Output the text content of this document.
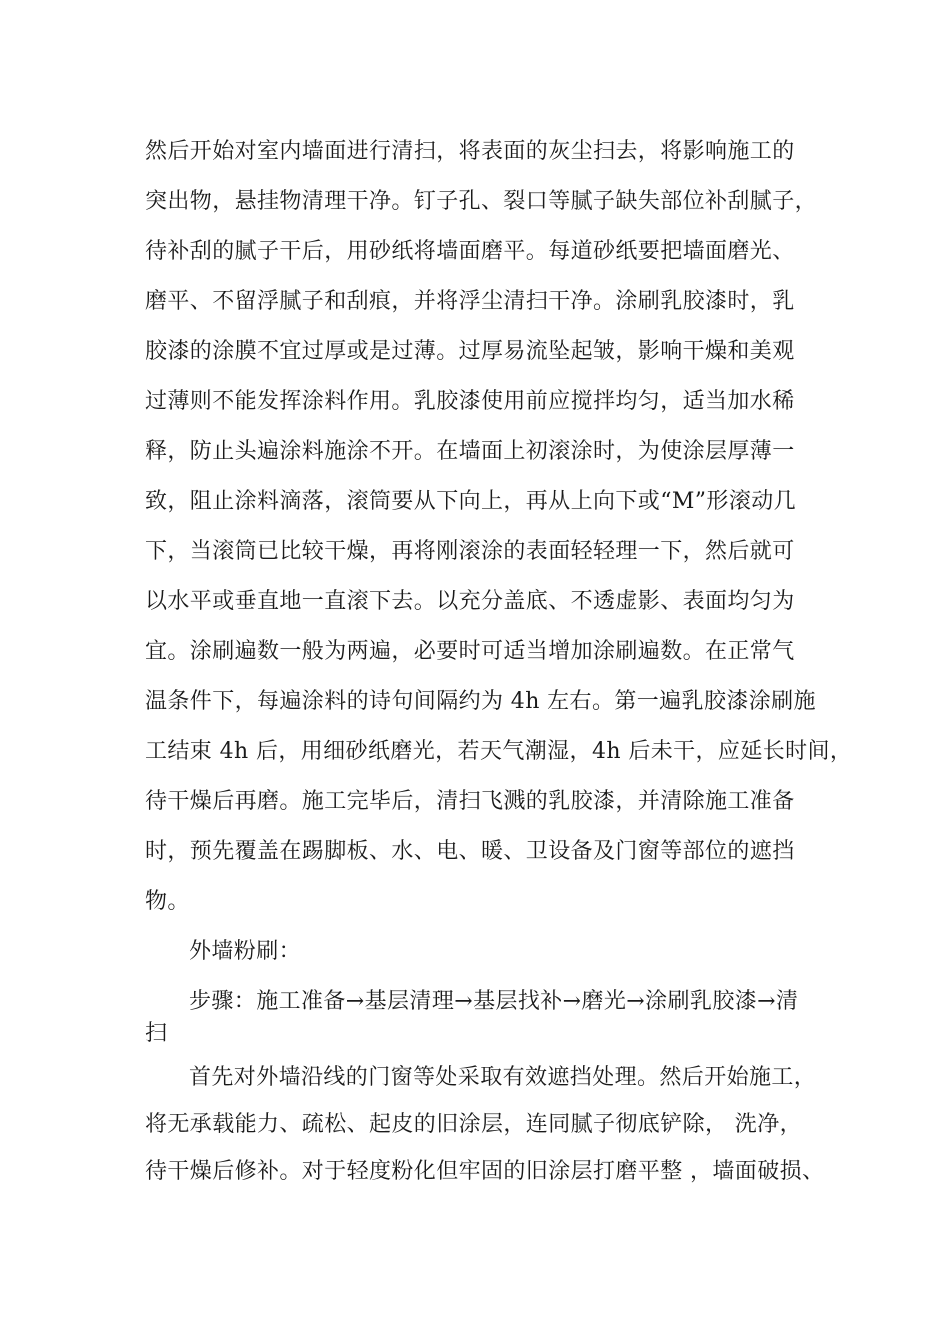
然后开始对室内墙面进行清扫，将表面的灰尘扫去，将影响施工的
突出物，悬挂物清理干净。钉子孔、裂口等腻子缺失部位补刮腻子，
待补刮的腻子干后，用砂纸将墙面磨平。每道砂纸要把墙面磨光、
磨平、不留浮腻子和刮痕，并将浮尘清扫干净。涂刷乳胶漆时，乳
胶漆的涂膜不宜过厚或是过薄。过厚易流坠起皱，影响干燥和美观
过薄则不能发挥涂料作用。乳胶漆使用前应搅拌均匀，适当加水稀
释，防止头遍涂料施涂不开。在墙面上初滚涂时，为使涂层厚薄一
致，阻止涂料滴落，滚筒要从下向上，再从上向下或“M”形滚动几
下，当滚筒已比较干燥，再将刚滚涂的表面轻轻理一下，然后就可
以水平或垂直地一直滚下去。以充分盖底、不透虚影、表面均匀为
宜。涂刷遍数一般为两遍，必要时可适当增加涂刷遍数。在正常气
温条件下，每遍涂料的诗句间隔约为 4h 左右。第一遍乳胶漆涂刷施
工结束 4h 后，用细砂纸磨光，若天气潮湿，4h 后未干，应延长时间，
待干燥后再磨。施工完毕后，清扫飞溅的乳胶漆，并清除施工准备
时，预先覆盖在踢脚板、水、电、暖、卫设备及门窗等部位的遮挡
物。
外墙粉刷：
步骤：施工准备→基层清理→基层找补→磨光→涂刷乳胶漆→清
扫
首先对外墙沿线的门窗等处采取有效遮挡处理。然后开始施工，
将无承载能力、疏松、起皮的旧涂层，连同腻子彻底铲除， 洗净，
待干燥后修补。对于轻度粉化但牢固的旧涂层打磨平整 ，墙面破损、
